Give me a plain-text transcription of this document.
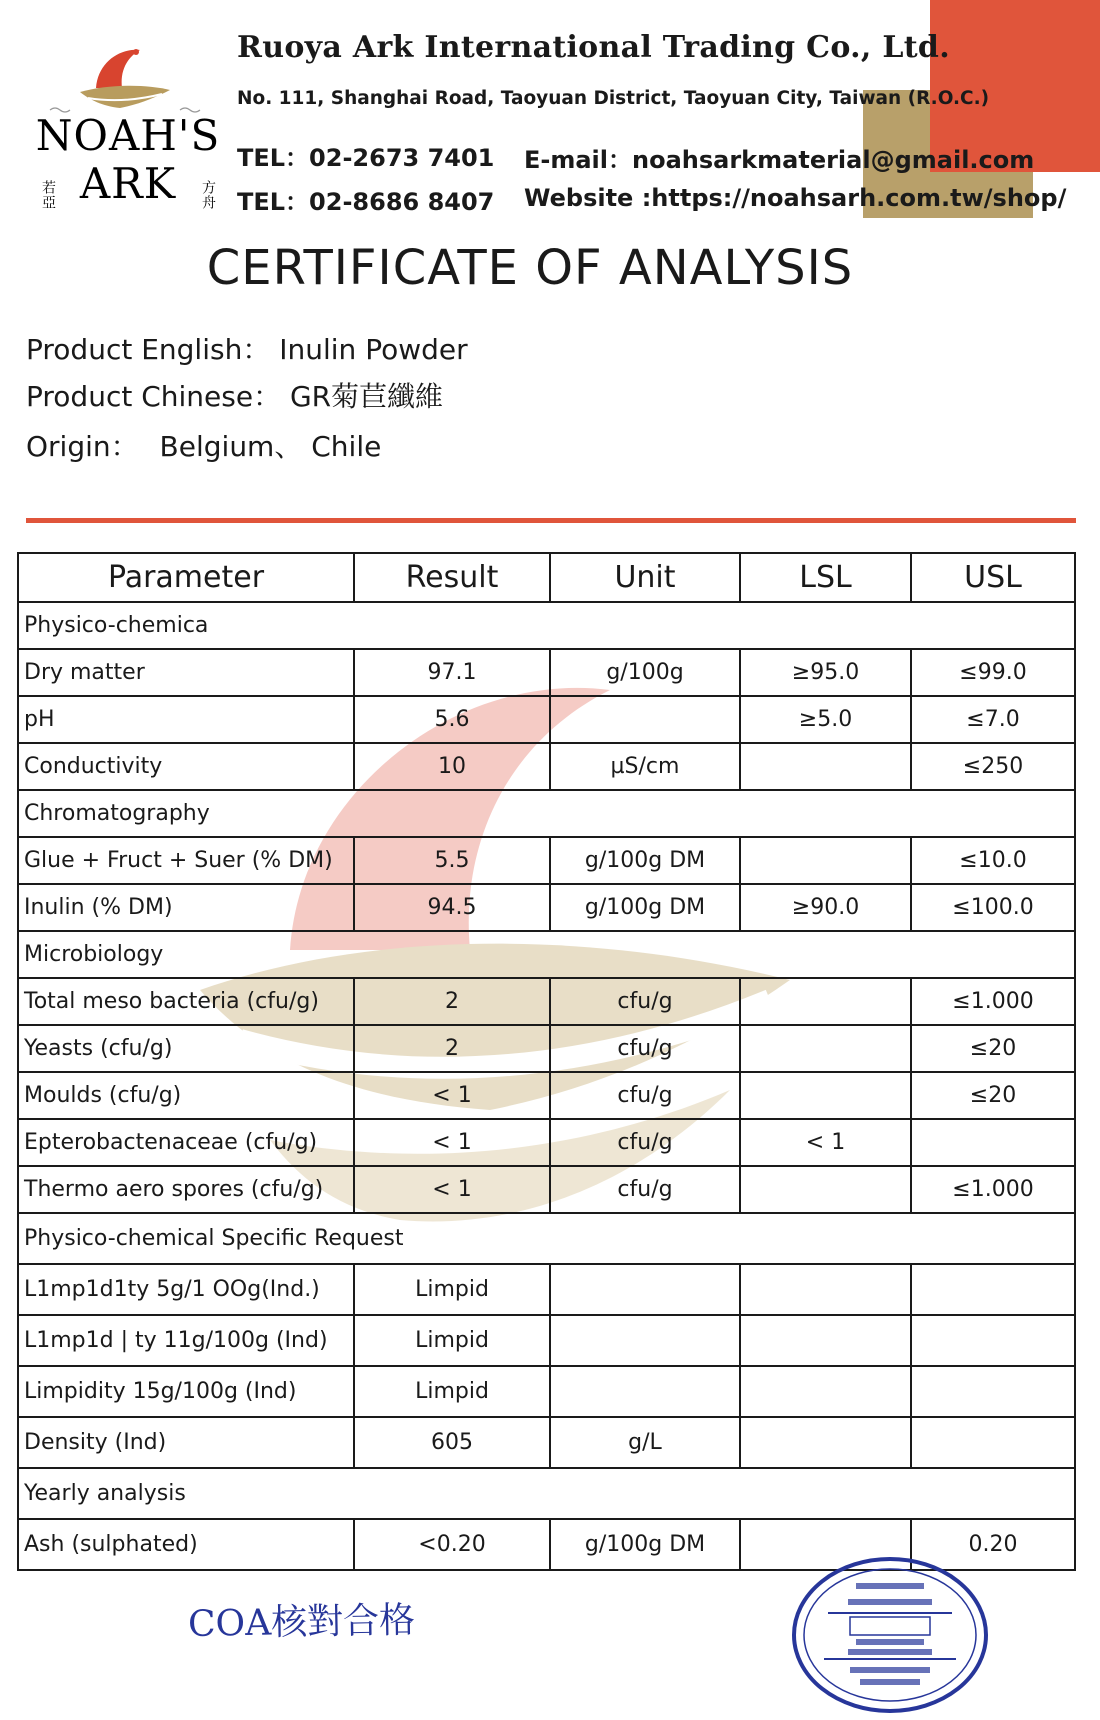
NOAH'S
ARK
若亞	方舟
Ruoya Ark International Trading Co., Ltd.
No. 111, Shanghai Road, Taoyuan District, Taoyuan City, Taiwan (R.O.C.)
TEL：02-2673 7401
TEL：02-8686 8407
E-mail：noahsarkmaterial@gmail.com
Website :https://noahsarh.com.tw/shop/
CERTIFICATE OF ANALYSIS
Product English： Inulin Powder
Product Chinese： GR菊苣纖維
Origin： Belgium、 Chile
Parameter	Result	Unit	LSL	USL
Physico-chemica				
Dry matter	97.1	g/100g	≥95.0	≤99.0
pH	5.6		≥5.0	≤7.0
Conductivity	10	µS/cm		≤250
Chromatography				
Glue + Fruct + Suer (% DM)	5.5	g/100g DM		≤10.0
Inulin (% DM)	94.5	g/100g DM	≥90.0	≤100.0
Microbiology				
Total meso bacteria (cfu/g)	2	cfu/g		≤1.000
Yeasts (cfu/g)	2	cfu/g		≤20
Moulds (cfu/g)	< 1	cfu/g		≤20
Epterobactenaceae (cfu/g)	< 1	cfu/g	< 1	
Thermo aero spores (cfu/g)	< 1	cfu/g		≤1.000
Physico-chemical Specific Request				
L1mp1d1ty 5g/1 OOg(Ind.)	Limpid			
L1mp1d | ty 11g/100g (Ind)	Limpid			
Limpidity 15g/100g (Ind)	Limpid			
Density (Ind)	605	g/L		
Yearly analysis				
Ash (sulphated)	<0.20	g/100g DM		0.20
COA核對合格
